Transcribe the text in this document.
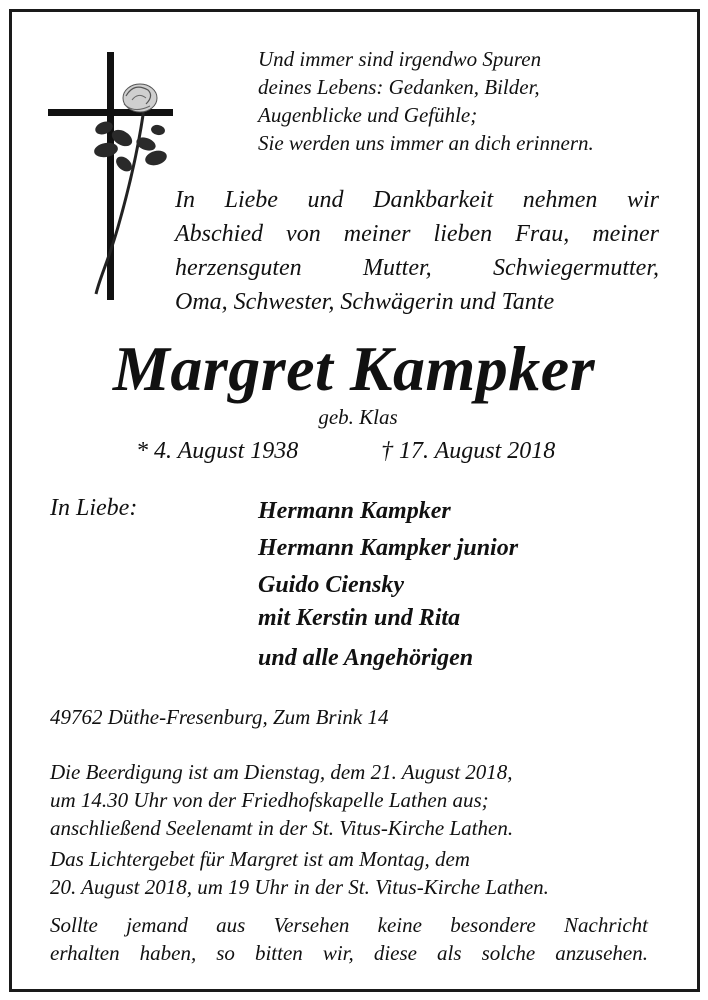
Und immer sind irgendwo Spuren
deines Lebens: Gedanken, Bilder,
Augenblicke und Gefühle;
Sie werden uns immer an dich erinnern.
In Liebe und Dankbarkeit nehmen wir
Abschied von meiner lieben Frau, meiner
herzensguten Mutter, Schwiegermutter,
Oma, Schwester, Schwägerin und Tante
Margret Kampker
geb. Klas
* 4. August 1938	† 17. August 2018
In Liebe:	Hermann Kampker
Hermann Kampker junior
Guido Ciensky
mit Kerstin und Rita
und alle Angehörigen
49762 Düthe-Fresenburg, Zum Brink 14
Die Beerdigung ist am Dienstag, dem 21. August 2018,
um 14.30 Uhr von der Friedhofskapelle Lathen aus;
anschließend Seelenamt in der St. Vitus-Kirche Lathen.
Das Lichtergebet für Margret ist am Montag, dem
20. August 2018, um 19 Uhr in der St. Vitus-Kirche Lathen.
Sollte jemand aus Versehen keine besondere Nachricht
erhalten haben, so bitten wir, diese als solche anzusehen.
